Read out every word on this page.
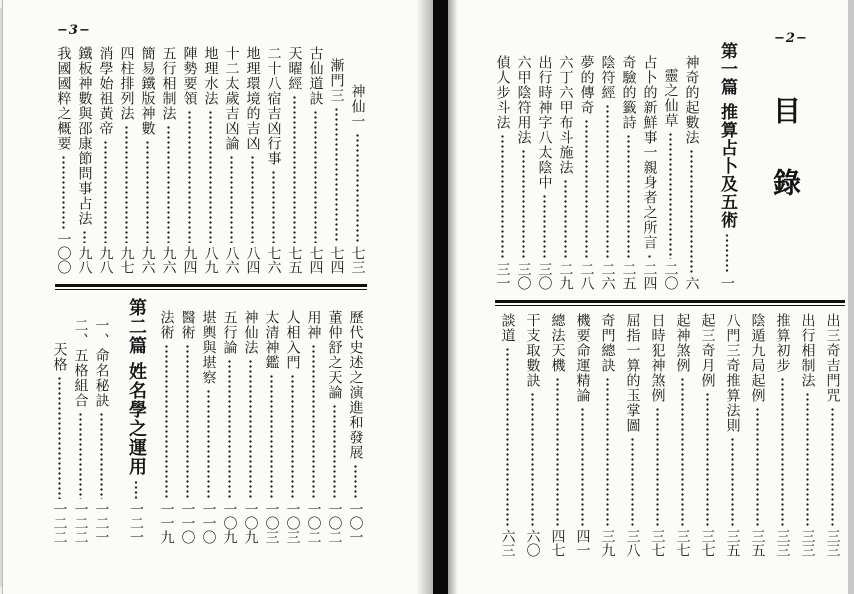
−3−
神仙一
七三
漸門三
七四
古仙道訣
七四
天曜經
七五
二十八宿吉凶行事
七六
地理環境的吉凶
八四
十二太歲吉凶論
八六
地理水法
八九
陣勢要領
九四
五行相制法
九六
簡易鐵版神數
九六
四柱排列法
九七
消學始祖黃帝
九八
鐵板神數與邵康節問事占法
九八
我國國粹之概要
一〇〇
歷代史述之演進和發展
一〇一
董仲舒之天論
一〇二
用神
一〇二
人相入門
一〇三
太清神鑑
一〇三
神仙法
一〇九
五行論
一〇九
堪輿與堪察
一一〇
醫術
一一〇
法術
一一九
第二篇
姓名學之運用
一二一
一、命名秘訣
一二一
二、五格組合
一二二
天格
一二二
−2−
目錄
第一篇
推算占卜及五術
一
神奇的起數法
六
靈之仙草
二〇
占卜的新鮮事一親身者之所言
二四
奇驗的籤詩
二五
陰符經
二六
夢的傳奇
二八
六丁六甲布斗施法
二九
出行時神字八太陰中
三〇
六甲陰符用法
三〇
偵人步斗法
三一
出三奇吉門咒
三三
出行相制法
三三
推算初步
三三
陰遁九局起例
三五
八門三奇推算法則
三五
起三奇月例
三七
起神煞例
三七
日時犯神煞例
三七
屈指一算的玉掌圖
三八
奇門總訣
三九
機要命運精論
四一
總法天機
四七
干支取數訣
六〇
談道
六三
